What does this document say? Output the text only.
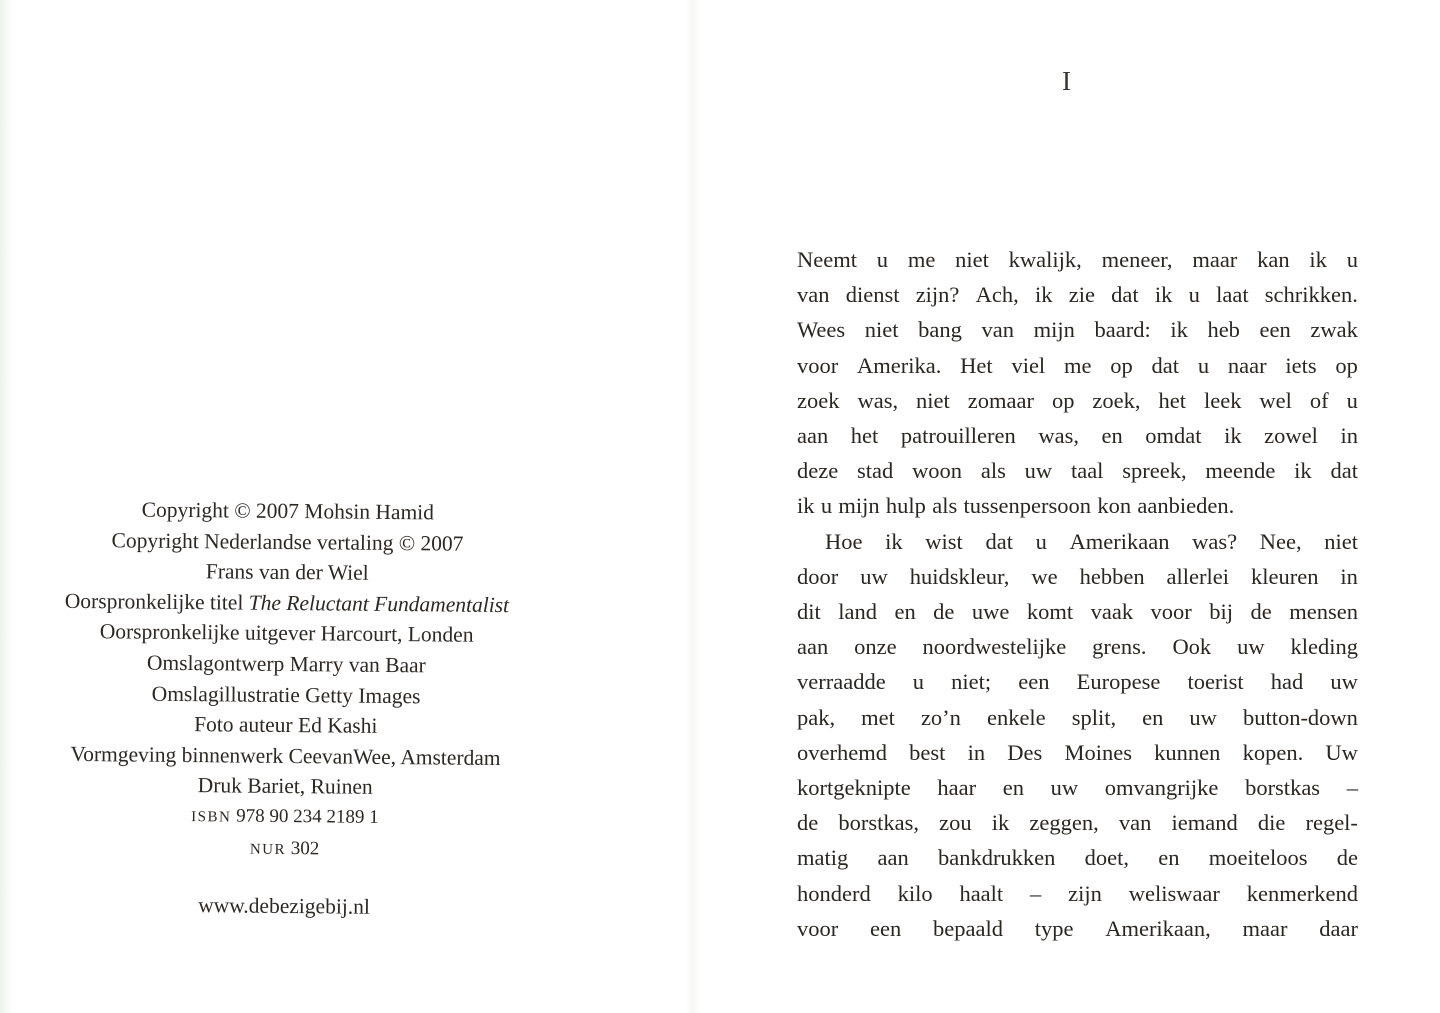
Copyright © 2007 Mohsin Hamid
Copyright Nederlandse vertaling © 2007
Frans van der Wiel
Oorspronkelijke titel The Reluctant Fundamentalist
Oorspronkelijke uitgever Harcourt, Londen
Omslagontwerp Marry van Baar
Omslagillustratie Getty Images
Foto auteur Ed Kashi
Vormgeving binnenwerk CeevanWee, Amsterdam
Druk Bariet, Ruinen
ISBN 978 90 234 2189 1
NUR 302
www.debezigebij.nl
I
Neemt u me niet kwalijk, meneer, maar kan ik u
van dienst zijn? Ach, ik zie dat ik u laat schrikken.
Wees niet bang van mijn baard: ik heb een zwak
voor Amerika. Het viel me op dat u naar iets op
zoek was, niet zomaar op zoek, het leek wel of u
aan het patrouilleren was, en omdat ik zowel in
deze stad woon als uw taal spreek, meende ik dat
ik u mijn hulp als tussenpersoon kon aanbieden.
Hoe ik wist dat u Amerikaan was? Nee, niet
door uw huidskleur, we hebben allerlei kleuren in
dit land en de uwe komt vaak voor bij de mensen
aan onze noordwestelijke grens. Ook uw kleding
verraadde u niet; een Europese toerist had uw
pak, met zo’n enkele split, en uw button-down
overhemd best in Des Moines kunnen kopen. Uw
kortgeknipte haar en uw omvangrijke borstkas –
de borstkas, zou ik zeggen, van iemand die regel-
matig aan bankdrukken doet, en moeiteloos de
honderd kilo haalt – zijn weliswaar kenmerkend
voor een bepaald type Amerikaan, maar daar
